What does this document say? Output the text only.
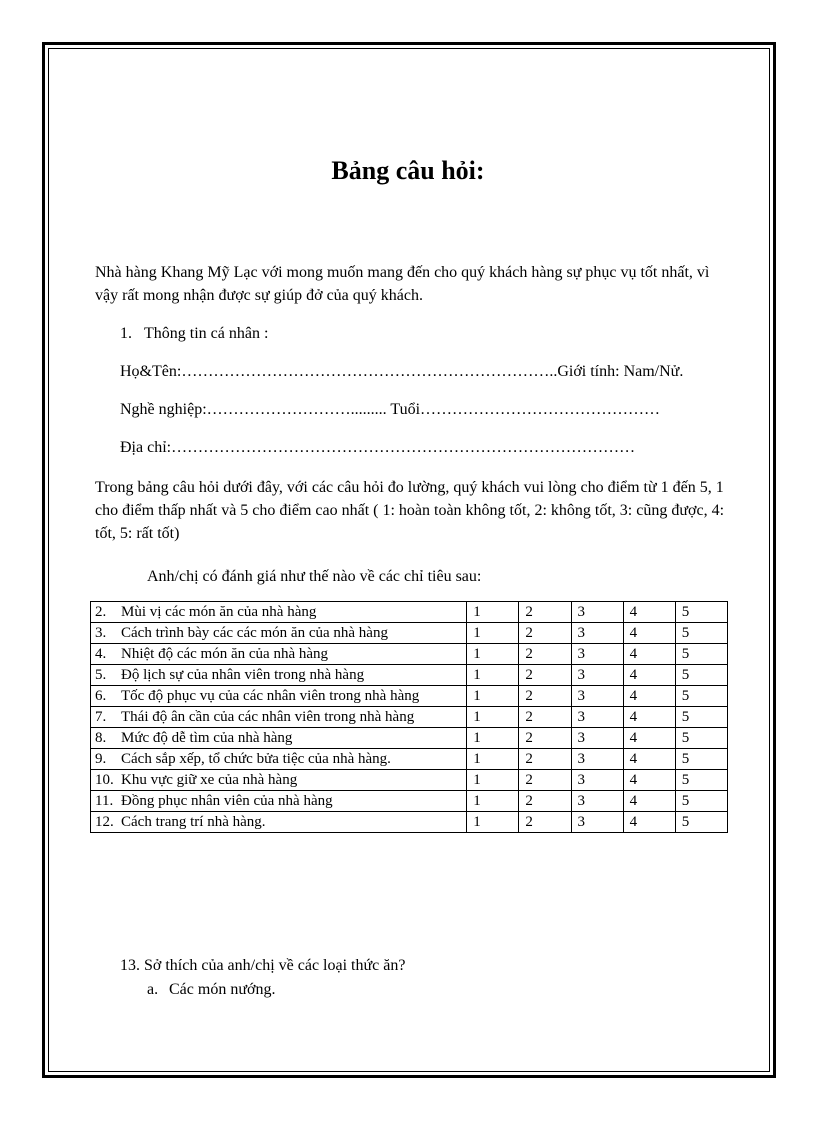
Bảng câu hỏi:
Nhà hàng Khang Mỹ Lạc với mong muốn mang đến cho quý khách hàng sự phục vụ tốt nhất, vì vậy rất mong nhận được sự giúp đở của quý khách.
1. Thông tin cá nhân :
Họ&Tên:……………………………………………………………..Giới tính: Nam/Nử.
Nghề nghiệp:………………………......... Tuổi………………………………………
Địa chỉ:……………………………………………………………………………
Trong bảng câu hỏi dưới đây, với các câu hỏi đo lường, quý khách vui lòng cho điểm từ 1 đến 5, 1 cho điểm thấp nhất và 5 cho điểm cao nhất ( 1: hoàn toàn không tốt, 2: không tốt, 3: cũng được, 4: tốt, 5: rất tốt)
Anh/chị có đánh giá như thế nào về các chỉ tiêu sau:
2. Mùi vị các món ăn của nhà hàng	1	2	3	4	5
3. Cách trình bày các các món ăn của nhà hàng	1	2	3	4	5
4. Nhiệt độ các món ăn của nhà hàng	1	2	3	4	5
5. Độ lịch sự của nhân viên trong nhà hàng	1	2	3	4	5
6. Tốc độ phục vụ của các nhân viên trong nhà hàng	1	2	3	4	5
7. Thái độ ân cần của các nhân viên trong nhà hàng	1	2	3	4	5
8. Mức độ dễ tìm của nhà hàng	1	2	3	4	5
9. Cách sắp xếp, tổ chức bửa tiệc của nhà hàng.	1	2	3	4	5
10. Khu vực giữ xe của nhà hàng	1	2	3	4	5
11. Đồng phục nhân viên của nhà hàng	1	2	3	4	5
12. Cách trang trí nhà hàng.	1	2	3	4	5
13. Sở thích của anh/chị về các loại thức ăn?
a. Các món nướng.
